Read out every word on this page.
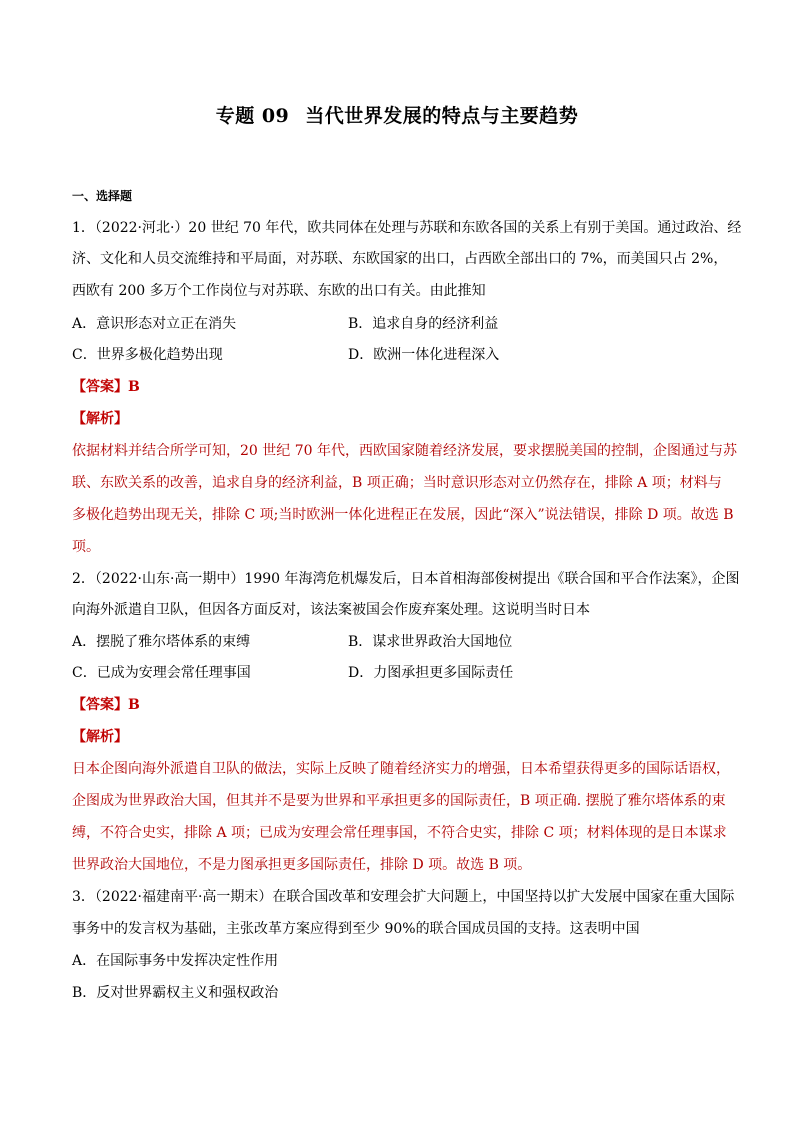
专题 09 当代世界发展的特点与主要趋势
一、选择题
1．（2022·河北·）20 世纪 70 年代，欧共同体在处理与苏联和东欧各国的关系上有别于美国。通过政治、经
济、文化和人员交流维持和平局面，对苏联、东欧国家的出口，占西欧全部出口的 7%，而美国只占 2%，
西欧有 200 多万个工作岗位与对苏联、东欧的出口有关。由此推知
A．意识形态对立正在消失	B．追求自身的经济利益
C．世界多极化趋势出现	D．欧洲一体化进程深入
【答案】B
【解析】
依据材料并结合所学可知，20 世纪 70 年代，西欧国家随着经济发展，要求摆脱美国的控制，企图通过与苏
联、东欧关系的改善，追求自身的经济利益，B 项正确；当时意识形态对立仍然存在，排除 A 项；材料与
多极化趋势出现无关，排除 C 项;当时欧洲一体化进程正在发展，因此“深入”说法错误，排除 D 项。故选 B
项。
2．（2022·山东·高一期中）1990 年海湾危机爆发后，日本首相海部俊树提出《联合国和平合作法案》，企图
向海外派遣自卫队，但因各方面反对，该法案被国会作废弃案处理。这说明当时日本
A．摆脱了雅尔塔体系的束缚	B．谋求世界政治大国地位
C．已成为安理会常任理事国	D．力图承担更多国际责任
【答案】B
【解析】
日本企图向海外派遣自卫队的做法，实际上反映了随着经济实力的增强，日本希望获得更多的国际话语权，
企图成为世界政治大国，但其并不是要为世界和平承担更多的国际责任，B 项正确. 摆脱了雅尔塔体系的束
缚，不符合史实，排除 A 项；已成为安理会常任理事国，不符合史实，排除 C 项；材料体现的是日本谋求
世界政治大国地位，不是力图承担更多国际责任，排除 D 项。故选 B 项。
3．（2022·福建南平·高一期末）在联合国改革和安理会扩大问题上，中国坚持以扩大发展中国家在重大国际
事务中的发言权为基础，主张改革方案应得到至少 90%的联合国成员国的支持。这表明中国
A．在国际事务中发挥决定性作用
B．反对世界霸权主义和强权政治
